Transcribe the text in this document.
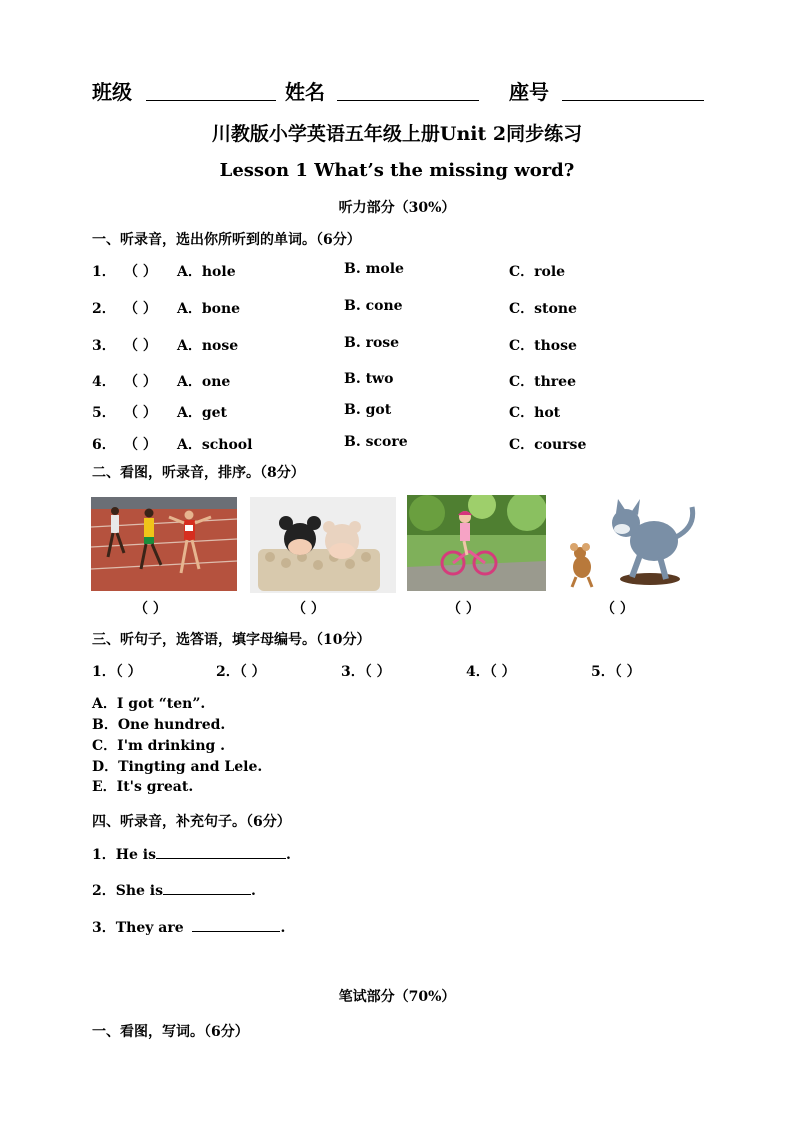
班级	姓名	座号
川教版小学英语五年级上册Unit 2同步练习
Lesson 1 What’s the missing word?
听力部分（30%）
一、听录音，选出你所听到的单词。（6分）
1． （ ） A．hole	B. mole	C．role
2． （ ） A．bone	B. cone	C．stone
3． （ ） A．nose	B. rose	C．those
4． （ ） A．one	B. two	C．three
5． （ ） A．get	B. got	C．hot
6． （ ） A．school	B. score	C．course
二、看图，听录音，排序。（8分）
（ ）	（ ）	（ ）	（ ）
三、听句子，选答语，填字母编号。（10分）
1．（ ）	2．（ ）	3．（ ）	4．（ ）	5．（ ）
A．I got “ten”.
B．One hundred.
C．I'm drinking .
D．Tingting and Lele.
E．It's great.
四、听录音，补充句子。（6分）
1．He is	.
2．She is	.
3．They are	.
笔试部分（70%）
一、看图，写词。（6分）
